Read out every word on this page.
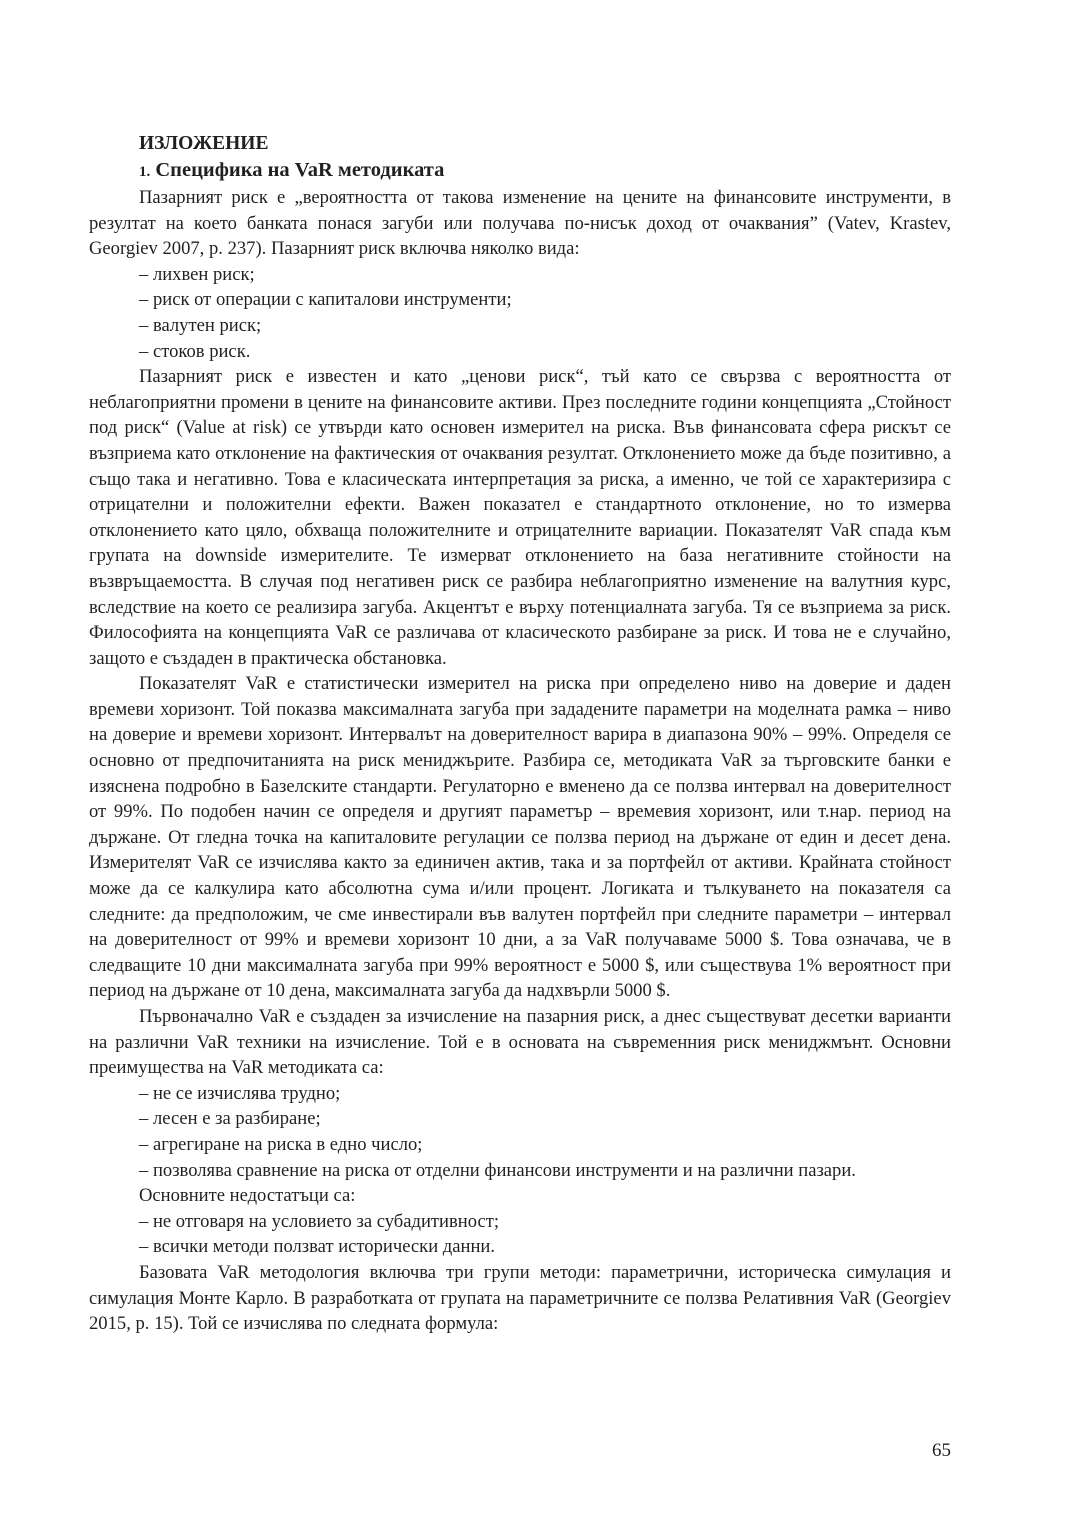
ИЗЛОЖЕНИЕ

1. Специфика на VaR методиката

Пазарният риск е „вероятността от такова изменение на цените на финансовите инструменти, в резултат на което банката понася загуби или получава по-нисък доход от очаквания” (Vatev, Krastev, Georgiev 2007, p. 237). Пазарният риск включва няколко вида:

– лихвен риск;

– риск от операции с капиталови инструменти;

– валутен риск;

– стоков риск.

Пазарният риск е известен и като „ценови риск“, тъй като се свързва с вероятността от неблагоприятни промени в цените на финансовите активи. През последните години концепцията „Стойност под риск“ (Value at risk) се утвърди като основен измерител на риска. Във финансовата сфера рискът се възприема като отклонение на фактическия от очаквания резултат. Отклонението може да бъде позитивно, а също така и негативно. Това е класическата интерпретация за риска, а именно, че той се характеризира с отрицателни и положителни ефекти. Важен показател е стандартното отклонение, но то измерва отклонението като цяло, обхваща положителните и отрицателните вариации. Показателят VaR спада към групата на downside измерителите. Те измерват отклонението на база негативните стойности на възвръщаемостта. В случая под негативен риск се разбира неблагоприятно изменение на валутния курс, вследствие на което се реализира загуба. Акцентът е върху потенциалната загуба. Тя се възприема за риск. Философията на концепцията VaR се различава от класическото разбиране за риск. И това не е случайно, защото е създаден в практическа обстановка.

Показателят VaR е статистически измерител на риска при определено ниво на доверие и даден времеви хоризонт. Той показва максималната загуба при зададените параметри на моделната рамка – ниво на доверие и времеви хоризонт. Интервалът на доверителност варира в диапазона 90% – 99%. Определя се основно от предпочитанията на риск мениджърите. Разбира се, методиката VaR за търговските банки е изяснена подробно в Базелските стандарти. Регулаторно е вменено да се ползва интервал на доверителност от 99%. По подобен начин се определя и другият параметър – времевия хоризонт, или т.нар. период на държане. От гледна точка на капиталовите регулации се ползва период на държане от един и десет дена. Измерителят VaR се изчислява както за единичен актив, така и за портфейл от активи. Крайната стойност може да се калкулира като абсолютна сума и/или процент. Логиката и тълкуването на показателя са следните: да предположим, че сме инвестирали във валутен портфейл при следните параметри – интервал на доверителност от 99% и времеви хоризонт 10 дни, а за VaR получаваме 5000 $. Това означава, че в следващите 10 дни максималната загуба при 99% вероятност е 5000 $, или съществува 1% вероятност при период на държане от 10 дена, максималната загуба да надхвърли 5000 $.

Първоначално VaR е създаден за изчисление на пазарния риск, а днес съществуват десетки варианти на различни VaR техники на изчисление. Той е в основата на съвременния риск мениджмънт. Основни преимущества на VaR методиката са:

– не се изчислява трудно;

– лесен е за разбиране;

– агрегиране на риска в едно число;

– позволява сравнение на риска от отделни финансови инструменти и на различни пазари.

Основните недостатъци са:

– не отговаря на условието за субадитивност;

– всички методи ползват исторически данни.

Базовата VaR методология включва три групи методи: параметрични, историческа симулация и симулация Монте Карло. В разработката от групата на параметричните се ползва Релативния VaR (Georgiev 2015, p. 15). Той се изчислява по следната формула:

65
